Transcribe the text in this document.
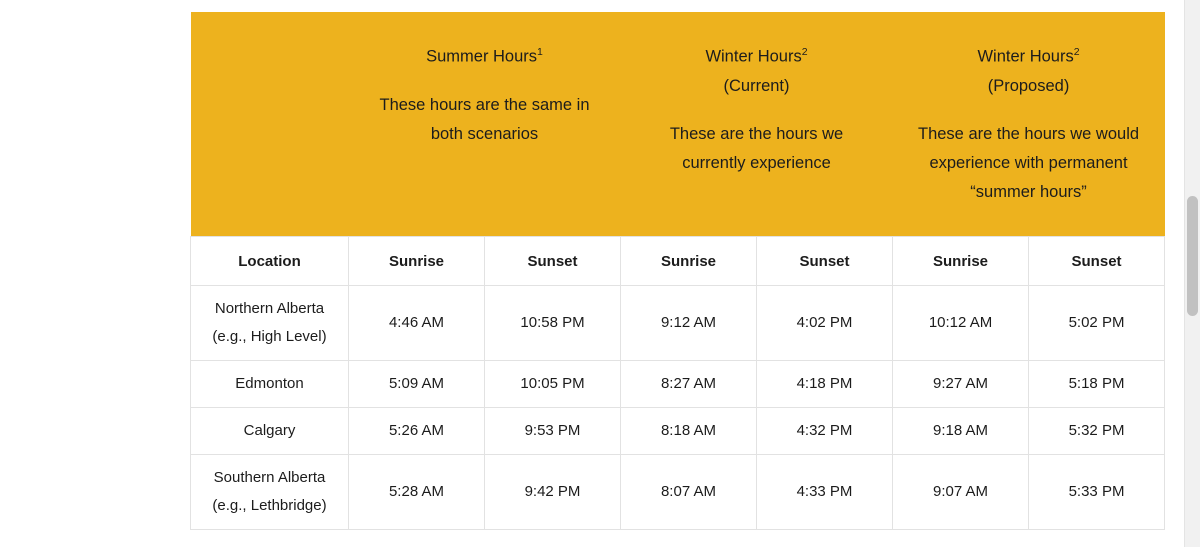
Summer Hours$^1$
These hours are the same in both scenarios

Winter Hours$^2$
(Current)
These are the hours we currently experience

Winter Hours$^2$
(Proposed)
These are the hours we would experience with permanent “summer hours”

Location	Sunrise	Sunset	Sunrise	Sunset	Sunrise	Sunset

Northern Alberta
(e.g., High Level)	4:46 AM	10:58 PM	9:12 AM	4:02 PM	10:12 AM	5:02 PM

Edmonton	5:09 AM	10:05 PM	8:27 AM	4:18 PM	9:27 AM	5:18 PM

Calgary	5:26 AM	9:53 PM	8:18 AM	4:32 PM	9:18 AM	5:32 PM

Southern Alberta
(e.g., Lethbridge)	5:28 AM	9:42 PM	8:07 AM	4:33 PM	9:07 AM	5:33 PM
